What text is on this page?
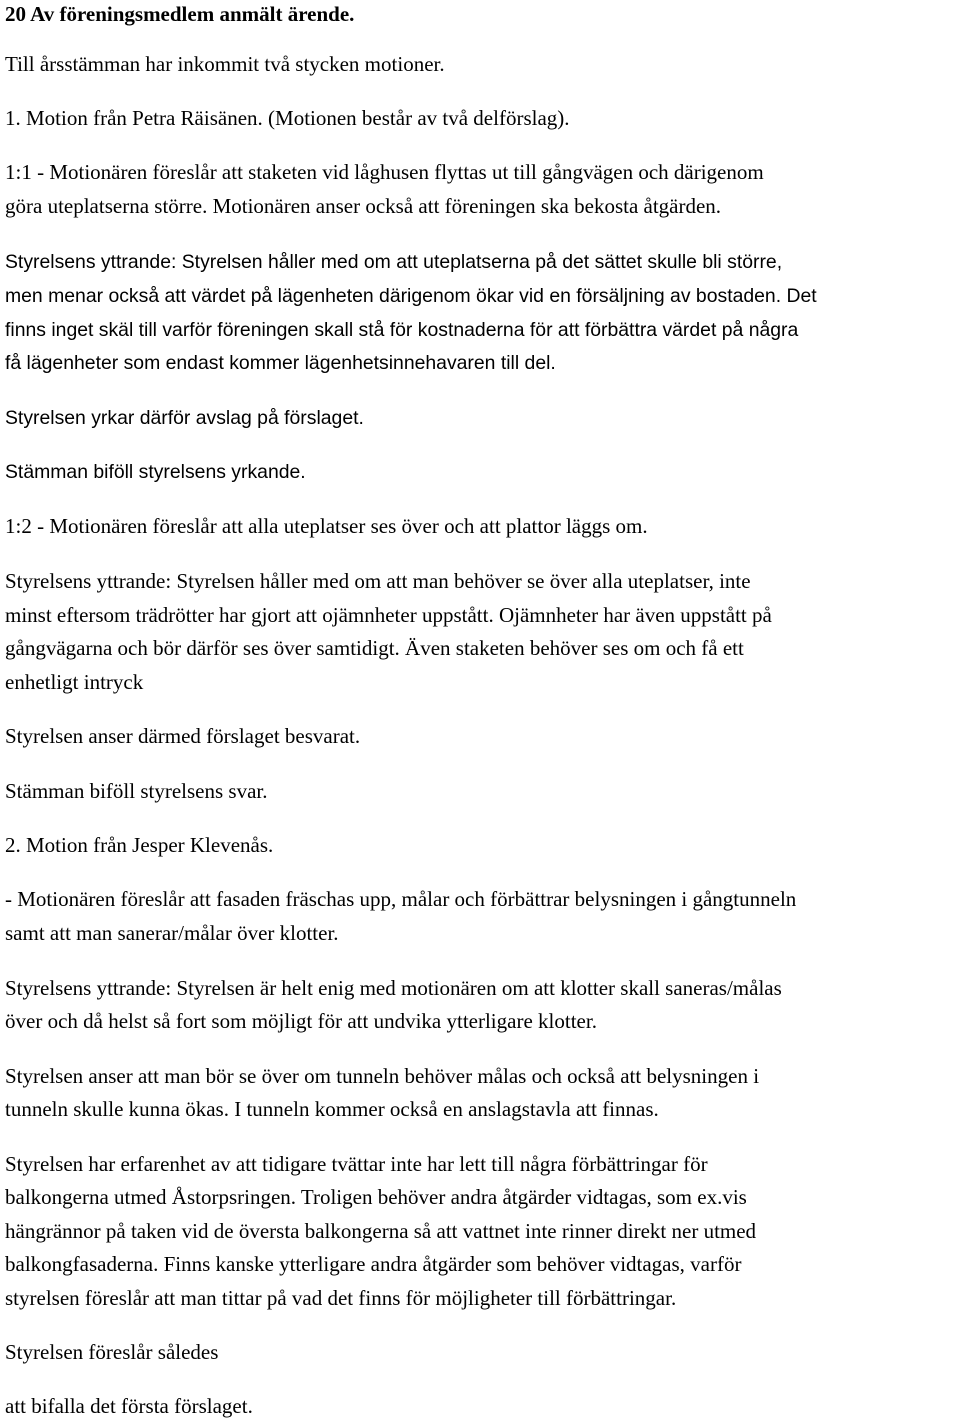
20 Av föreningsmedlem anmält ärende.
Till årsstämman har inkommit två stycken motioner.
1. Motion från Petra Räisänen. (Motionen består av två delförslag).
1:1 - Motionären föreslår att staketen vid låghusen flyttas ut till gångvägen och därigenom
göra uteplatserna större. Motionären anser också att föreningen ska bekosta åtgärden.
Styrelsens yttrande: Styrelsen håller med om att uteplatserna på det sättet skulle bli större,
men menar också att värdet på lägenheten därigenom ökar vid en försäljning av bostaden. Det
finns inget skäl till varför föreningen skall stå för kostnaderna för att förbättra värdet på några
få lägenheter som endast kommer lägenhetsinnehavaren till del.
Styrelsen yrkar därför avslag på förslaget.
Stämman biföll styrelsens yrkande.
1:2 - Motionären föreslår att alla uteplatser ses över och att plattor läggs om.
Styrelsens yttrande: Styrelsen håller med om att man behöver se över alla uteplatser, inte
minst eftersom trädrötter har gjort att ojämnheter uppstått. Ojämnheter har även uppstått på
gångvägarna och bör därför ses över samtidigt. Även staketen behöver ses om och få ett
enhetligt intryck
Styrelsen anser därmed förslaget besvarat.
Stämman biföll styrelsens svar.
2. Motion från Jesper Klevenås.
- Motionären föreslår att fasaden fräschas upp, målar och förbättrar belysningen i gångtunneln
samt att man sanerar/målar över klotter.
Styrelsens yttrande: Styrelsen är helt enig med motionären om att klotter skall saneras/målas
över och då helst så fort som möjligt för att undvika ytterligare klotter.
Styrelsen anser att man bör se över om tunneln behöver målas och också att belysningen i
tunneln skulle kunna ökas. I tunneln kommer också en anslagstavla att finnas.
Styrelsen har erfarenhet av att tidigare tvättar inte har lett till några förbättringar för
balkongerna utmed Åstorpsringen. Troligen behöver andra åtgärder vidtagas, som ex.vis
hängrännor på taken vid de översta balkongerna så att vattnet inte rinner direkt ner utmed
balkongfasaderna. Finns kanske ytterligare andra åtgärder som behöver vidtagas, varför
styrelsen föreslår att man tittar på vad det finns för möjligheter till förbättringar.
Styrelsen föreslår således
att bifalla det första förslaget.
